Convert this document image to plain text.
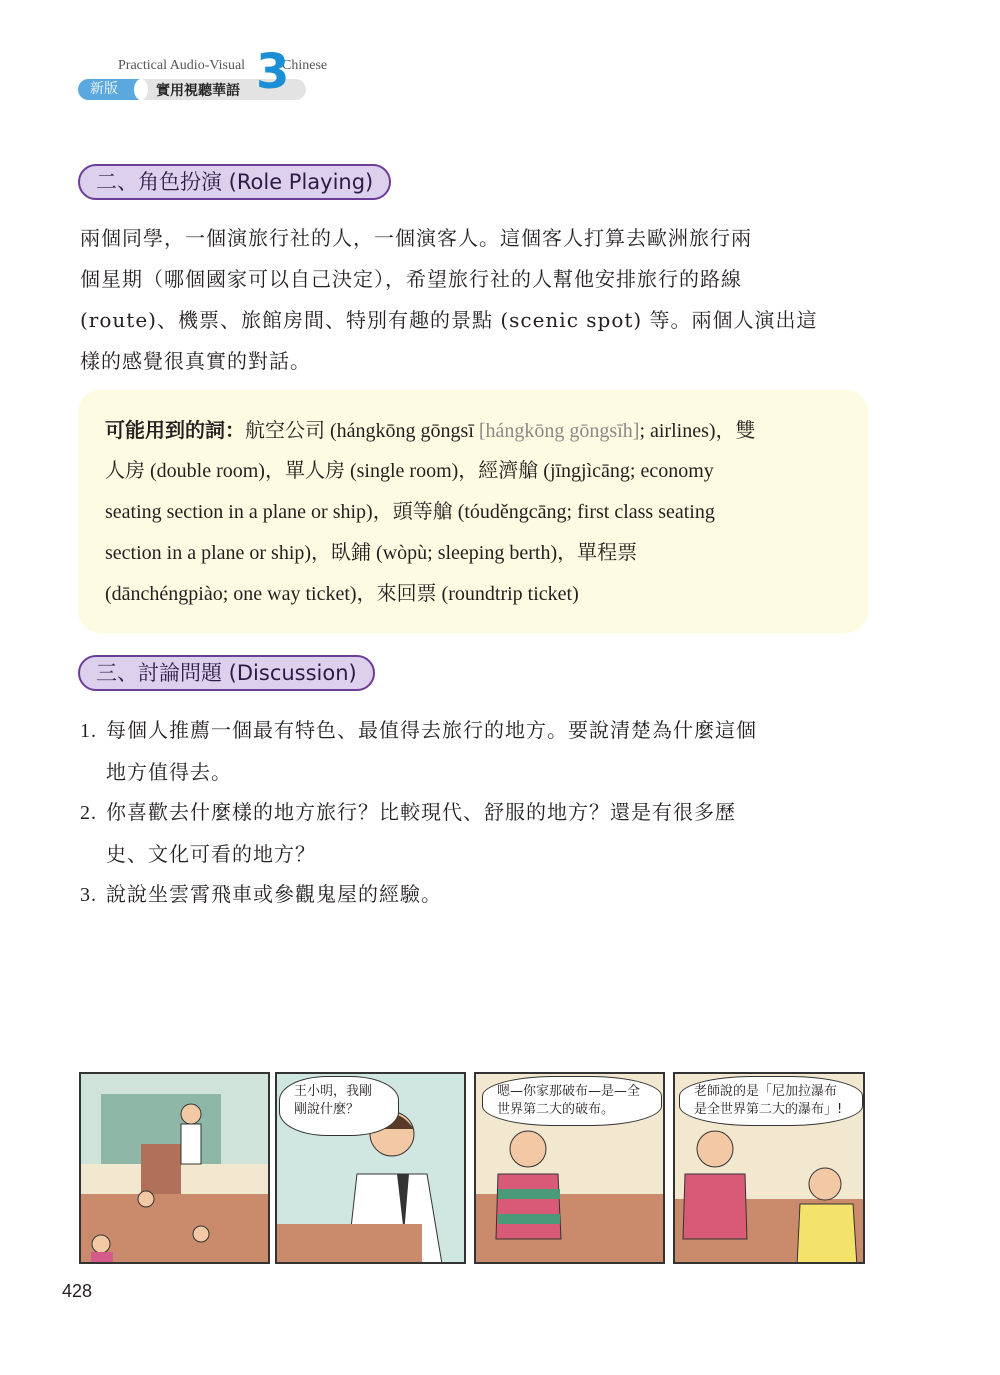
Practical Audio-Visual	Chinese
新版	實用視聽華語 3
二、角色扮演 (Role Playing)
兩個同學，一個演旅行社的人，一個演客人。這個客人打算去歐洲旅行兩
個星期（哪個國家可以自己決定），希望旅行社的人幫他安排旅行的路線
(route)、機票、旅館房間、特別有趣的景點 (scenic spot) 等。兩個人演出這
樣的感覺很真實的對話。
可能用到的詞：航空公司 (hángkōng gōngsī [hángkōng gōngsīh]; airlines)，雙
人房 (double room)，單人房 (single room)，經濟艙 (jīngjìcāng; economy
seating section in a plane or ship)，頭等艙 (tóuděngcāng; first class seating
section in a plane or ship)，臥鋪 (wòpù; sleeping berth)，單程票
(dānchéngpiào; one way ticket)，來回票 (roundtrip ticket)
三、討論問題 (Discussion)
1. 每個人推薦一個最有特色、最值得去旅行的地方。要說清楚為什麼這個
地方值得去。
2. 你喜歡去什麼樣的地方旅行？比較現代、舒服的地方？還是有很多歷
史、文化可看的地方？
3. 說說坐雲霄飛車或參觀鬼屋的經驗。
王小明，我剛剛說什麼？
嗯—你家那破布—是—全世界第二大的破布。
老師說的是「尼加拉瀑布是全世界第二大的瀑布」!
428
